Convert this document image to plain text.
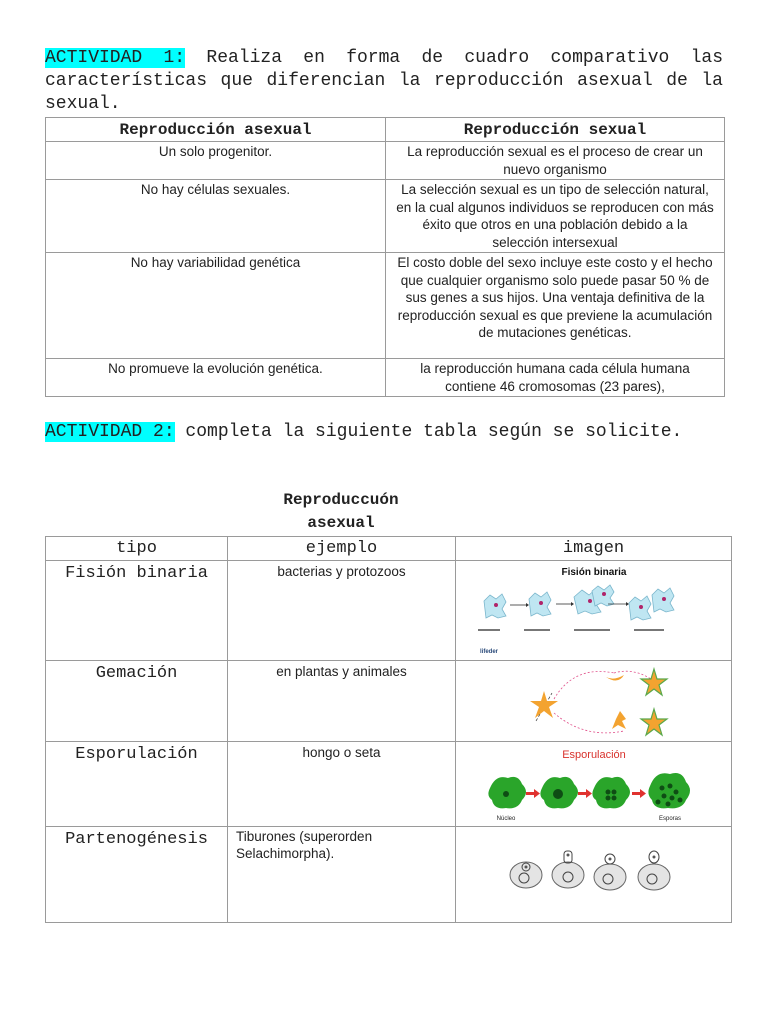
ACTIVIDAD 1: Realiza en forma de cuadro comparativo las características que diferencian la reproducción asexual de la sexual.

Reproducción asexual	Reproducción sexual
Un solo progenitor.	La reproducción sexual es el proceso de crear un nuevo organismo
No hay células sexuales.	La selección sexual es un tipo de selección natural, en la cual algunos individuos se reproducen con más éxito que otros en una población debido a la selección intersexual
No hay variabilidad genética	El costo doble del sexo incluye este costo y el hecho que cualquier organismo solo puede pasar 50 % de sus genes a sus hijos. Una ventaja definitiva de la reproducción sexual es que previene la acumulación de mutaciones genéticas.
No promueve la evolución genética.	la reproducción humana cada célula humana contiene 46 cromosomas (23 pares),

ACTIVIDAD 2: completa la siguiente tabla según se solicite.

Reproduccuón asexual
tipo	ejemplo	imagen
Fisión binaria	bacterias y protozoos	Fisión binaria
lifeder

Gemación	en plantas y animales	

Esporulación	hongo o seta	Esporulación
Núcleo Esporas

Partenogénesis	Tiburones (superorden Selachimorpha).	
